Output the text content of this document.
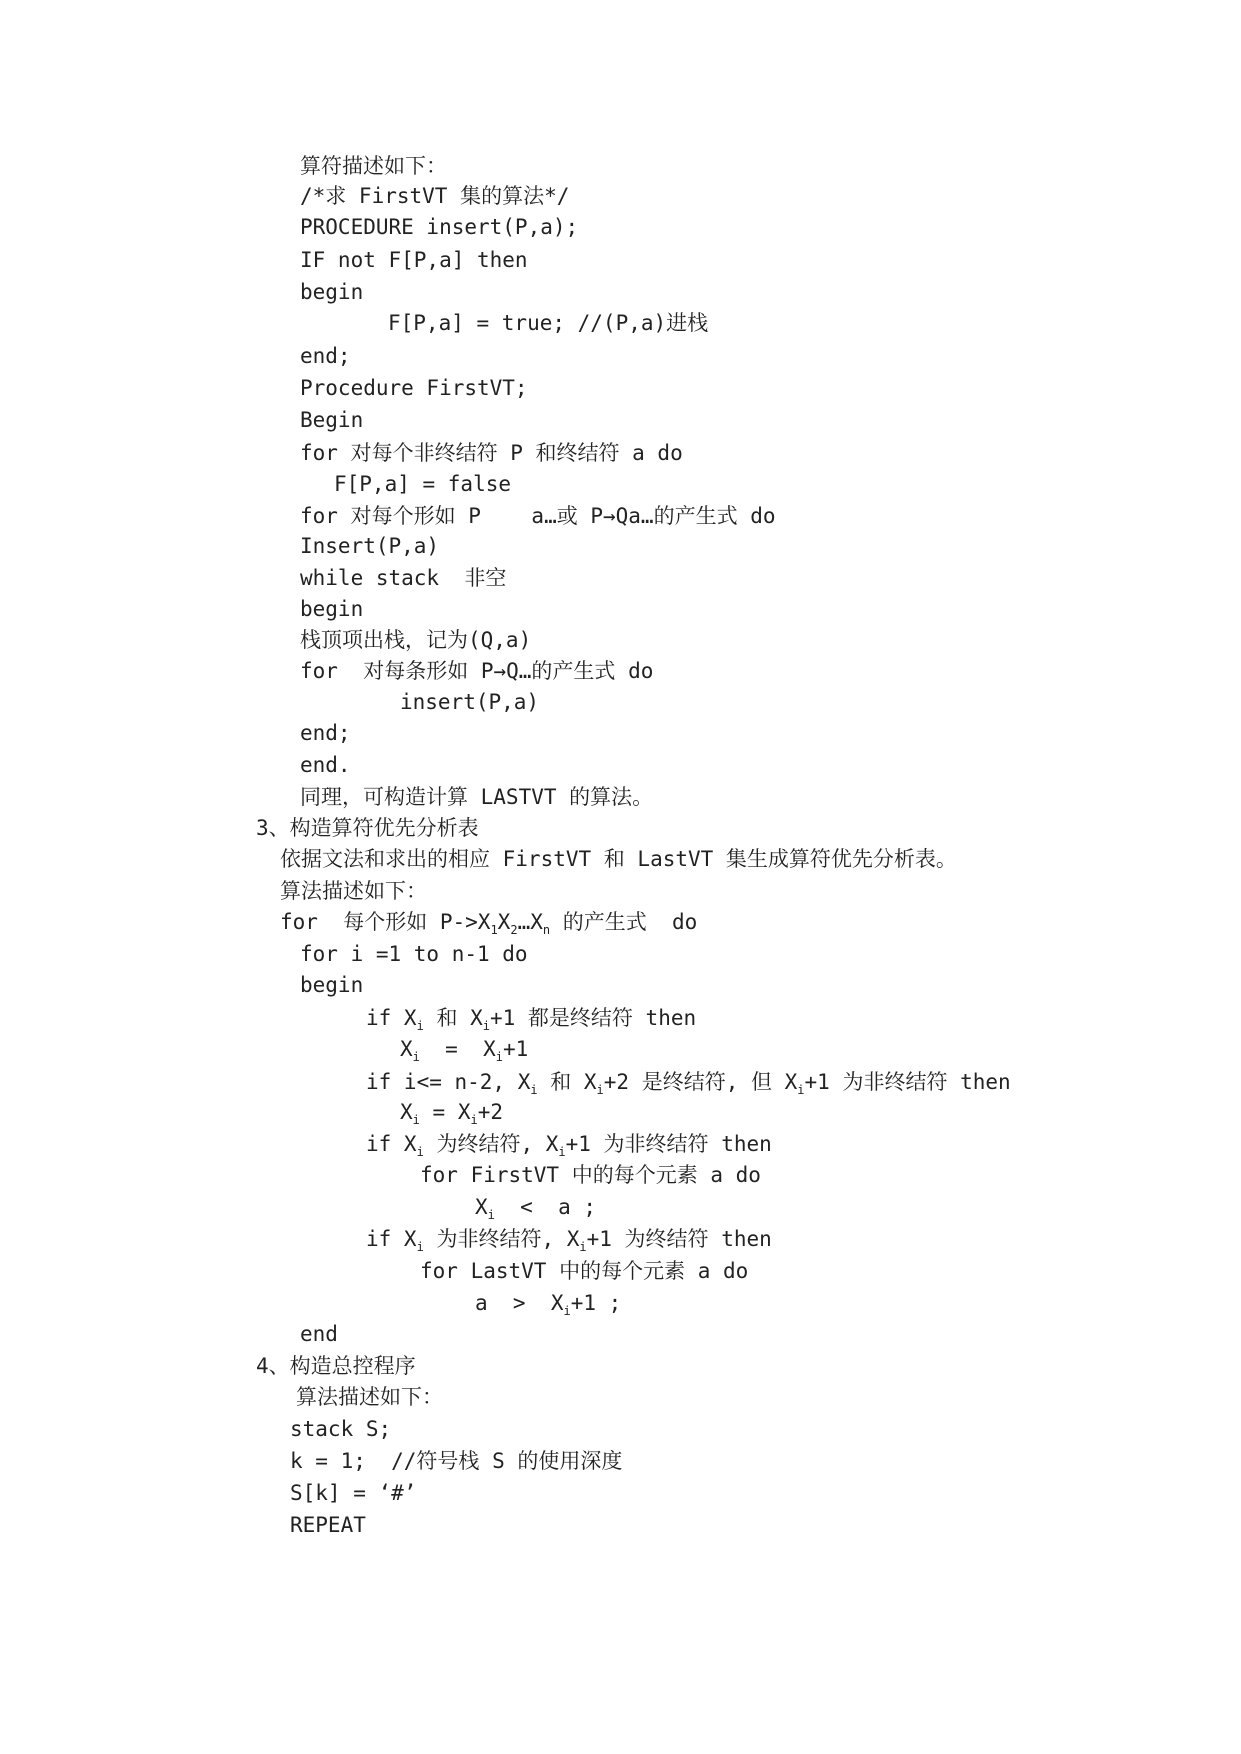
算符描述如下：
/*求 FirstVT 集的算法*/
PROCEDURE insert(P,a);
IF not F[P,a] then
begin
F[P,a] = true; //(P,a)进栈
end;
Procedure FirstVT;
Begin
for 对每个非终结符 P 和终结符 a do
F[P,a] = false
for 对每个形如 P    a…或 P→Qa…的产生式 do
Insert(P,a)
while stack  非空
begin
栈顶项出栈，记为(Q,a)
for  对每条形如 P→Q…的产生式 do
insert(P,a)
end;
end.
同理，可构造计算 LASTVT 的算法。
3、构造算符优先分析表
依据文法和求出的相应 FirstVT 和 LastVT 集生成算符优先分析表。
算法描述如下：
for  每个形如 $P->X_1X_2\dots X_n$ 的产生式  do
for i =1 to n-1 do
begin
if $X_i$ 和 $X_i+1$ 都是终结符 then
$X_i = X_i+1$
if i<= n-2, $X_i$ 和 $X_i+2$ 是终结符, 但 $X_i+1$ 为非终结符 then
$X_i = X_i+2$
if $X_i$ 为终结符, $X_i+1$ 为非终结符 then
for FirstVT 中的每个元素 a do
$X_i < a$ ;
if $X_i$ 为非终结符, $X_i+1$ 为终结符 then
for LastVT 中的每个元素 a do
$a > X_i+1$ ;
end
4、构造总控程序
算法描述如下：
stack S;
k = 1;  //符号栈 S 的使用深度
S[k] = ‘#’
REPEAT
